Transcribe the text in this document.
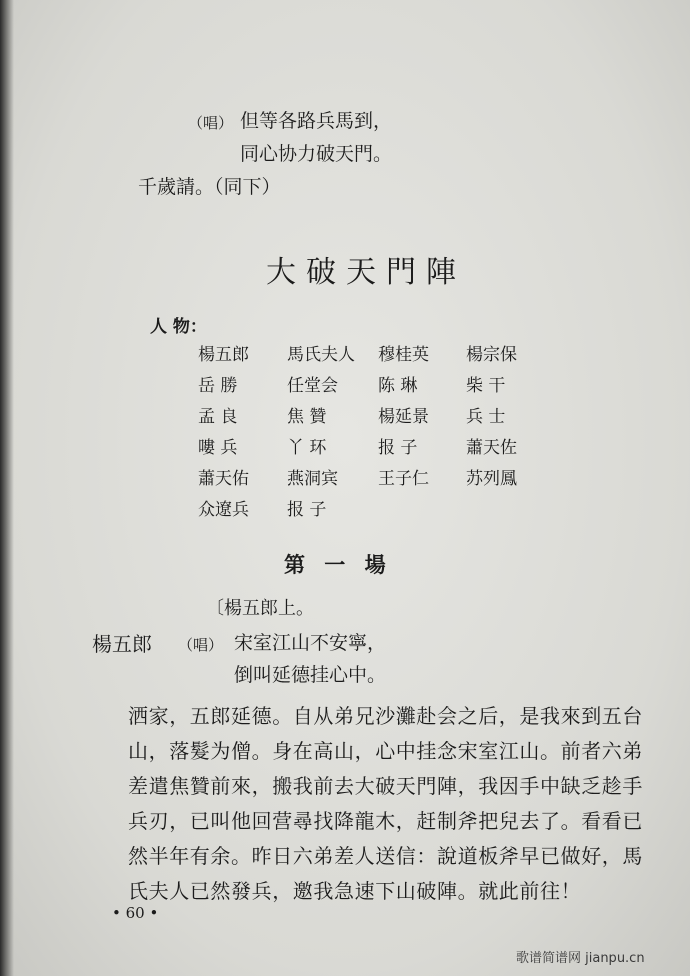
（唱） 但等各路兵馬到，
同心协力破天門。
千歲請。（同下）
大破天門陣
人 物：
楊五郎 馬氏夫人 穆桂英 楊宗保
岳 勝	任堂会 陈 琳	柴 干
孟 良	焦 贊	楊延景 兵 士
嘍 兵	丫 环	报 子	蕭天佐
蕭天佑 燕洞宾 王子仁 苏列鳳
众遼兵 报 子
第 一 場
〔楊五郎上。
楊五郎 （唱） 宋室江山不安寧，
倒叫延德挂心中。
洒家，五郎延德。自从弟兄沙灘赴会之后，是我來到五台
山，落髮为僧。身在高山，心中挂念宋室江山。前者六弟
差遣焦贊前來，搬我前去大破天門陣，我因手中缺乏趁手
兵刃，已叫他回营尋找降龍木，赶制斧把兒去了。看看已
然半年有余。昨日六弟差人送信：說道板斧早已做好，馬
氏夫人已然發兵，邀我急速下山破陣。就此前往！
• 60 •
歌谱简谱网 jianpu.cn
